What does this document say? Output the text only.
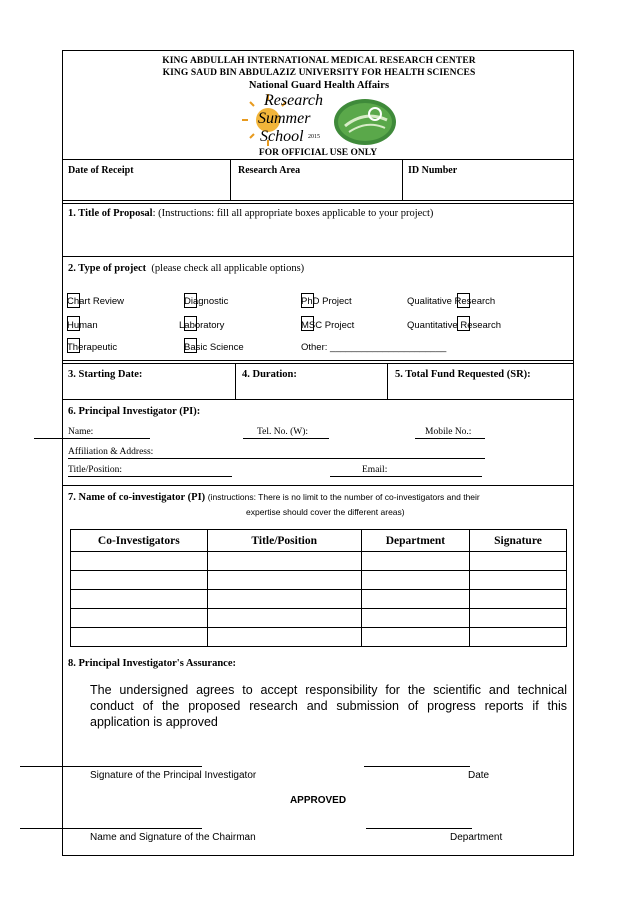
KING ABDULLAH INTERNATIONAL MEDICAL RESEARCH CENTER
KING SAUD BIN ABDULAZIZ UNIVERSITY FOR HEALTH SCIENCES
National Guard Health Affairs
Research
Summer
School 2015
FOR OFFICIAL USE ONLY
Date of Receipt	Research Area	ID Number
1. Title of Proposal: (Instructions: fill all appropriate boxes applicable to your project)
2. Type of project (please check all applicable options)
Chart Review	Diagnostic	PhD Project	Qualitative Research
Human	Laboratory	MSC Project	Quantitative Research
Therapeutic	Basic Science	Other: ______________________
3. Starting Date:	4. Duration:	5. Total Fund Requested (SR):
6. Principal Investigator (PI):
Name:	Tel. No. (W):	Mobile No.:
Affiliation & Address:
Title/Position:	Email:
7. Name of co-investigator (PI) (instructions: There is no limit to the number of co-investigators and their
expertise should cover the different areas)
Co-Investigators	Title/Position	Department	Signature

8. Principal Investigator's Assurance:
The undersigned agrees to accept responsibility for the scientific and technical conduct of the proposed research and submission of progress reports if this application is approved
Signature of the Principal Investigator	Date
APPROVED
Name and Signature of the Chairman	Department
